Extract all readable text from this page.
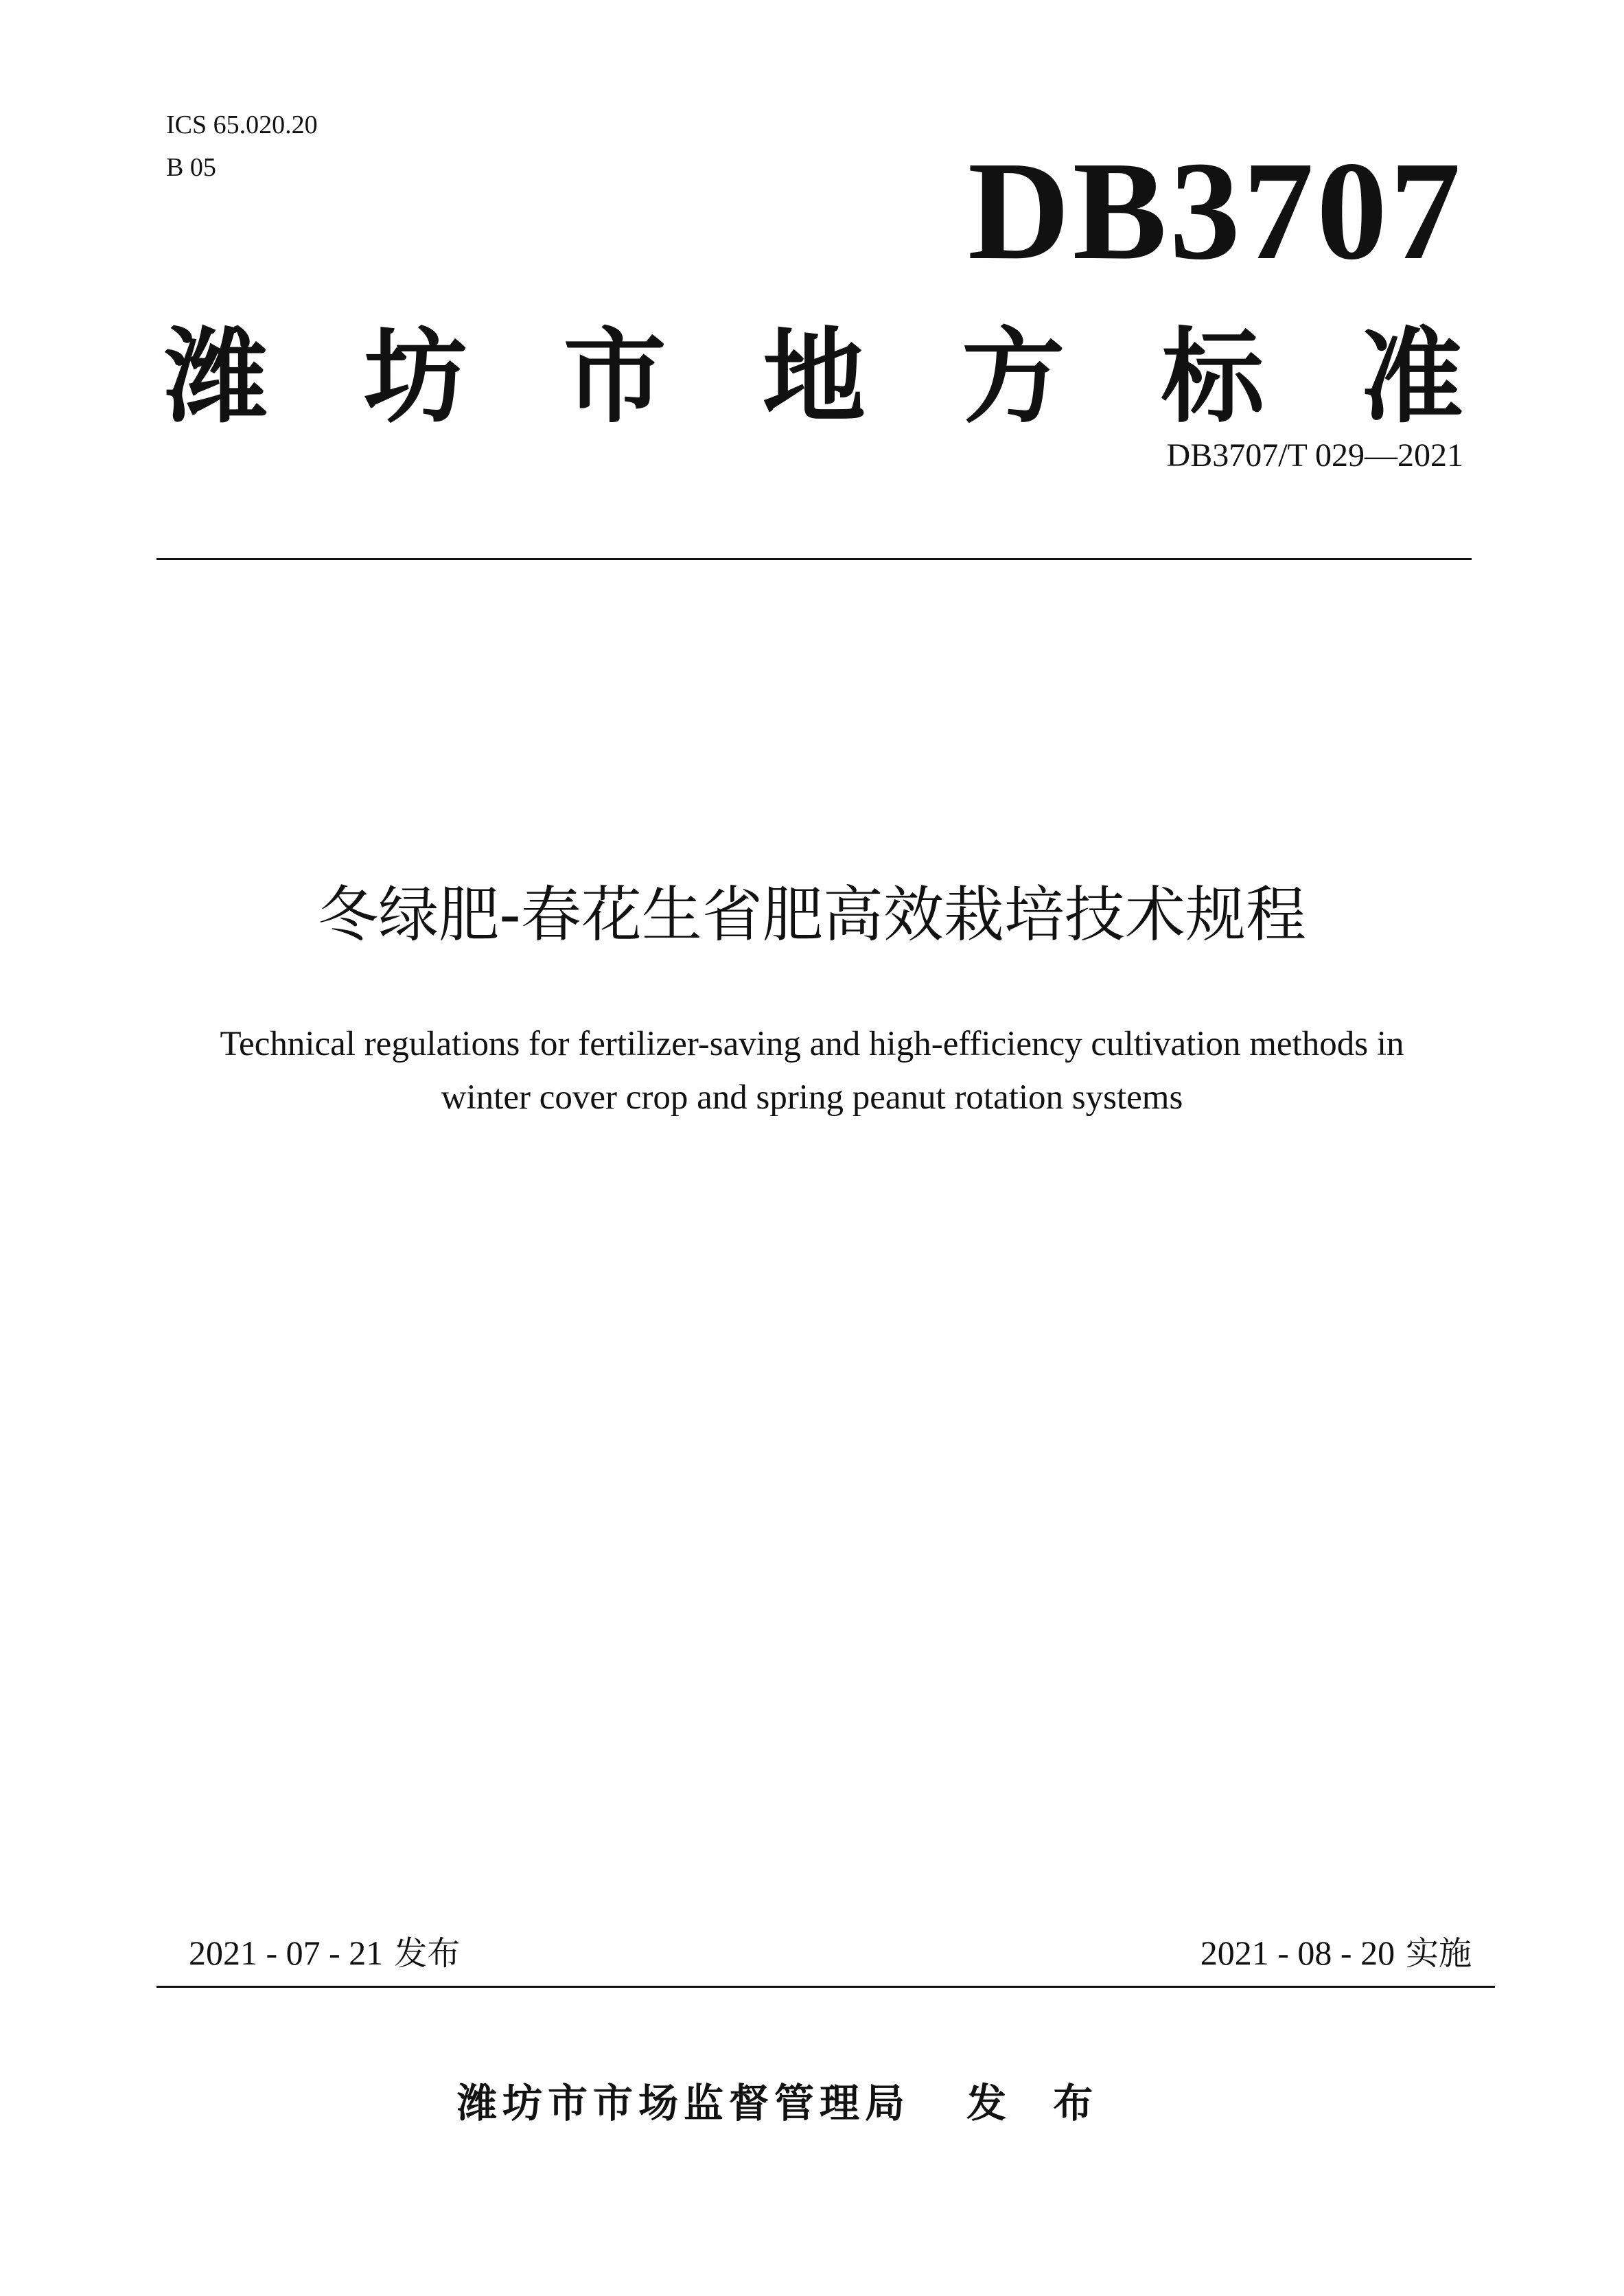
ICS 65.020.20
B 05	DB3707
潍 坊 市 地 方 标 准
DB3707/T 029—2021
冬绿肥-春花生省肥高效栽培技术规程
Technical regulations for fertilizer-saving and high-efficiency cultivation methods in
winter cover crop and spring peanut rotation systems
2021 - 07 - 21 发布	2021 - 08 - 20 实施
潍坊市市场监督管理局 发 布
